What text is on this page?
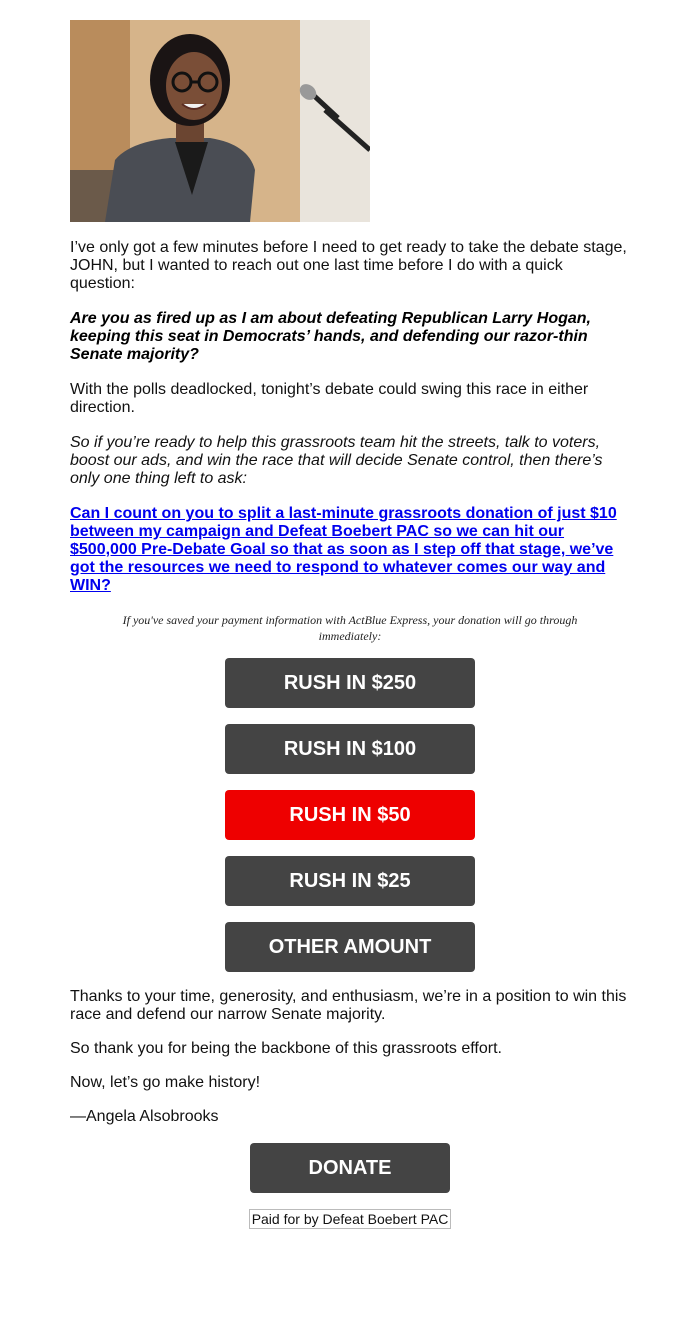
I’ve only got a few minutes before I need to get ready to take the debate stage, JOHN, but I wanted to reach out one last time before I do with a quick question:

Are you as fired up as I am about defeating Republican Larry Hogan, keeping this seat in Democrats’ hands, and defending our razor-thin Senate majority?

With the polls deadlocked, tonight’s debate could swing this race in either direction.

So if you’re ready to help this grassroots team hit the streets, talk to voters, boost our ads, and win the race that will decide Senate control, then there’s only one thing left to ask:

Can I count on you to split a last-minute grassroots donation of just $10 between my campaign and Defeat Boebert PAC so we can hit our $500,000 Pre-Debate Goal so that as soon as I step off that stage, we’ve got the resources we need to respond to whatever comes our way and WIN?

If you've saved your payment information with ActBlue Express, your donation will go through immediately:
RUSH IN $250
RUSH IN $100
RUSH IN $50
RUSH IN $25
OTHER AMOUNT

Thanks to your time, generosity, and enthusiasm, we’re in a position to win this race and defend our narrow Senate majority.

So thank you for being the backbone of this grassroots effort.

Now, let’s go make history!

—Angela Alsobrooks

DONATE
Paid for by Defeat Boebert PAC
